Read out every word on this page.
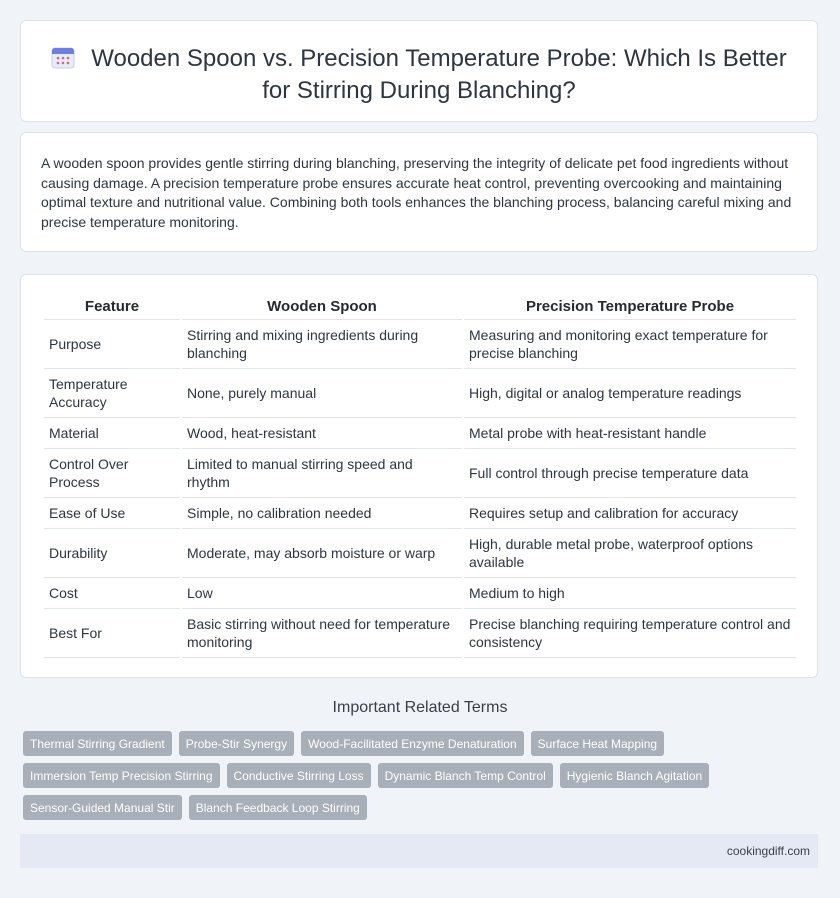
Wooden Spoon vs. Precision Temperature Probe: Which Is Better for Stirring During Blanching?
A wooden spoon provides gentle stirring during blanching, preserving the integrity of delicate pet food ingredients without causing damage. A precision temperature probe ensures accurate heat control, preventing overcooking and maintaining optimal texture and nutritional value. Combining both tools enhances the blanching process, balancing careful mixing and precise temperature monitoring.
Feature	Wooden Spoon	Precision Temperature Probe
Purpose	Stirring and mixing ingredients during blanching	Measuring and monitoring exact temperature for precise blanching
Temperature Accuracy	None, purely manual	High, digital or analog temperature readings
Material	Wood, heat-resistant	Metal probe with heat-resistant handle
Control Over Process	Limited to manual stirring speed and rhythm	Full control through precise temperature data
Ease of Use	Simple, no calibration needed	Requires setup and calibration for accuracy
Durability	Moderate, may absorb moisture or warp	High, durable metal probe, waterproof options available
Cost	Low	Medium to high
Best For	Basic stirring without need for temperature monitoring	Precise blanching requiring temperature control and consistency
Important Related Terms
Thermal Stirring Gradient	Probe-Stir Synergy	Wood-Facilitated Enzyme Denaturation	Surface Heat Mapping
Immersion Temp Precision Stirring	Conductive Stirring Loss	Dynamic Blanch Temp Control	Hygienic Blanch Agitation
Sensor-Guided Manual Stir	Blanch Feedback Loop Stirring
cookingdiff.com
